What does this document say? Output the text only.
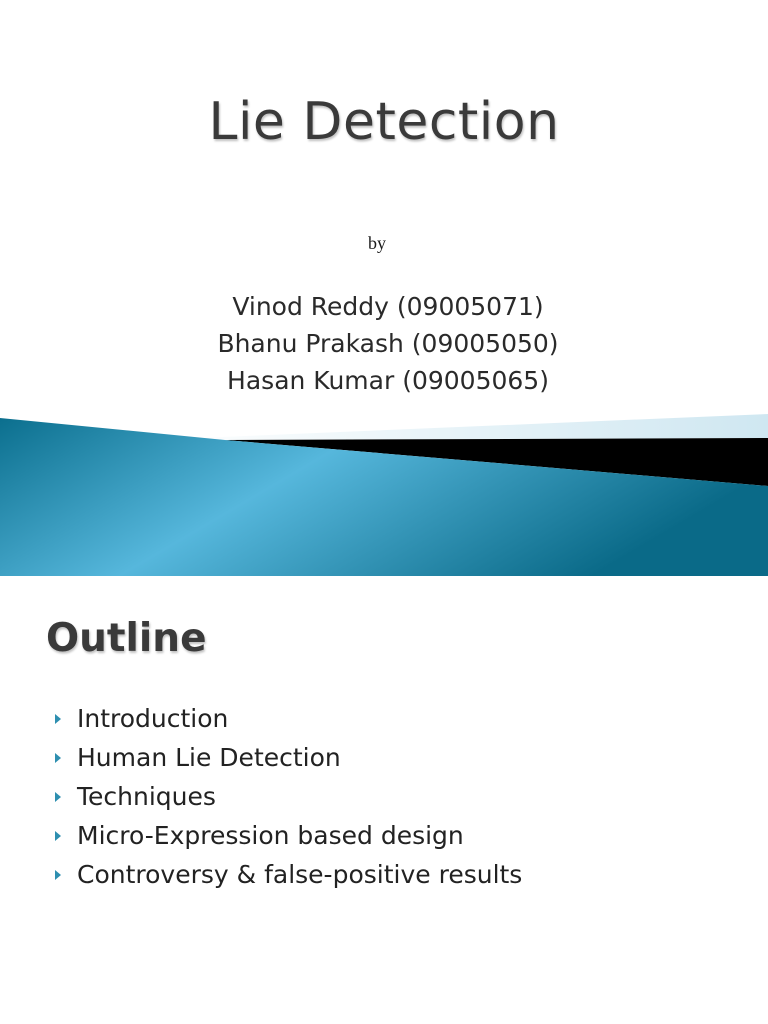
Lie Detection
by
Vinod Reddy (09005071)
Bhanu Prakash (09005050)
Hasan Kumar (09005065)
Outline
Introduction
Human Lie Detection
Techniques
Micro-Expression based design
Controversy & false-positive results
